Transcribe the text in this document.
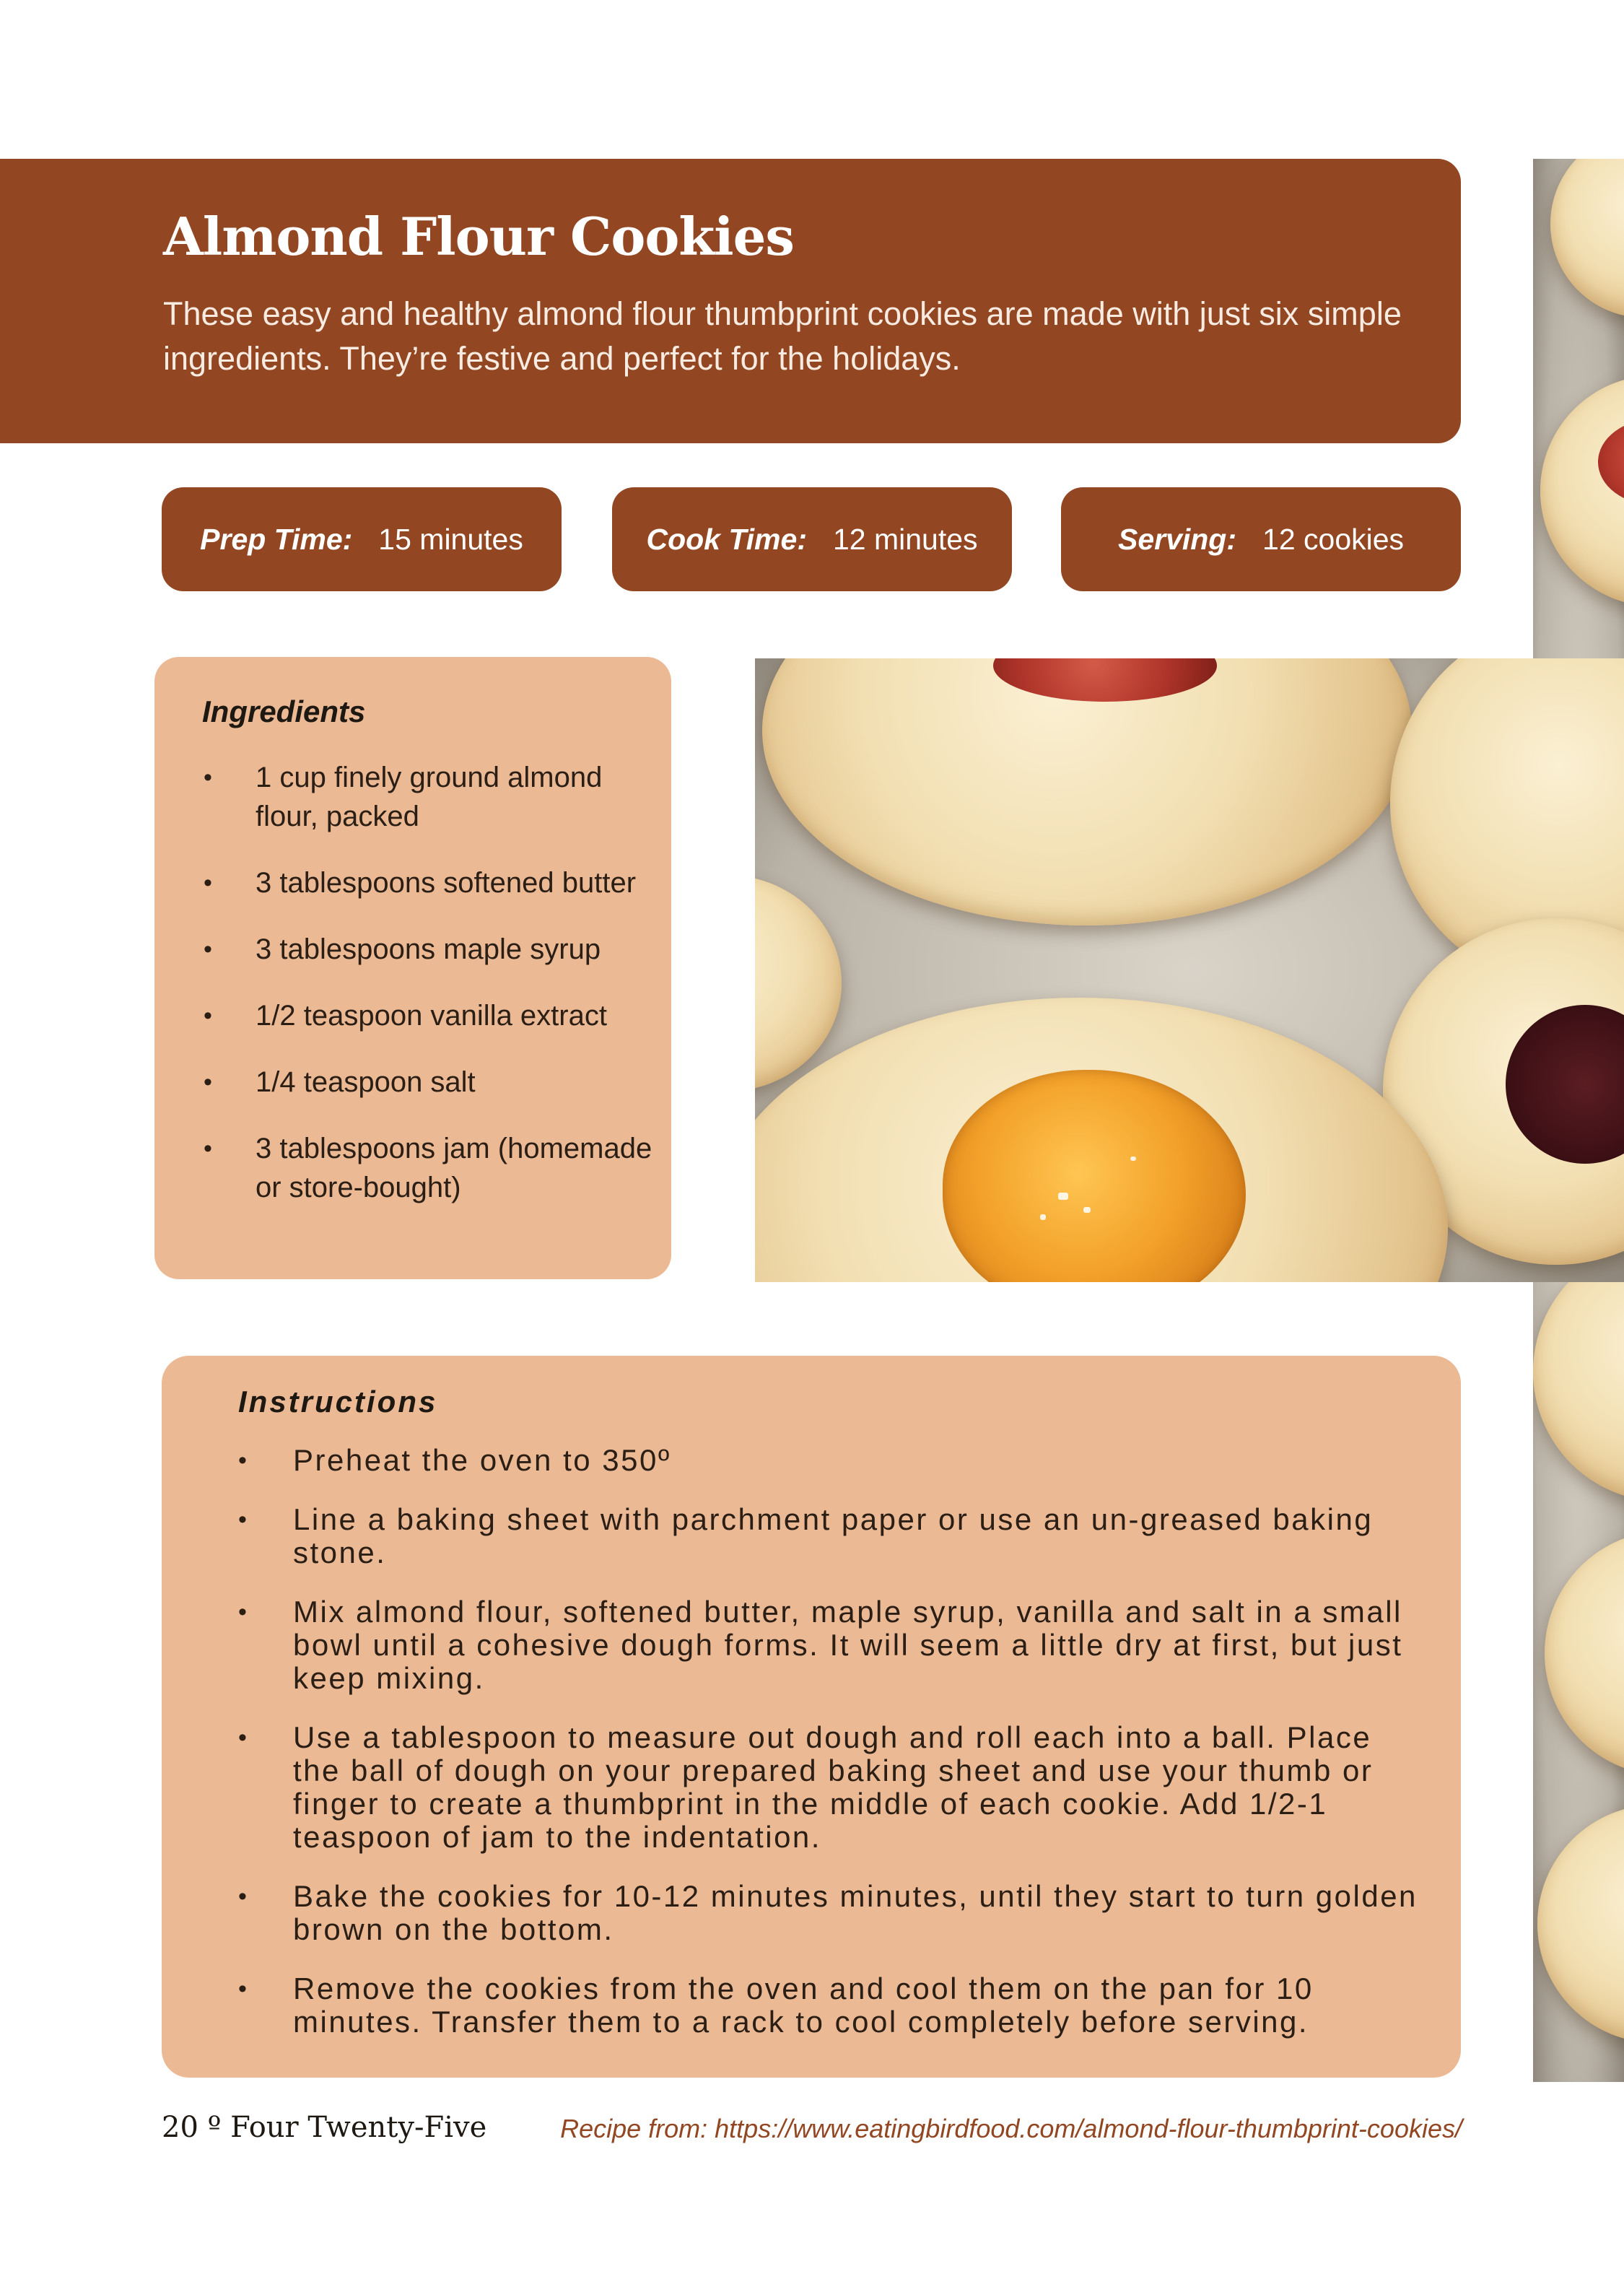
Almond Flour Cookies

These easy and healthy almond flour thumbprint cookies are made with just six simple ingredients. They’re festive and perfect for the holidays.

Prep Time: 15 minutes	Cook Time: 12 minutes	Serving: 12 cookies
Ingredients
• 1 cup finely ground almond flour, packed
• 3 tablespoons softened butter
• 3 tablespoons maple syrup
• 1/2 teaspoon vanilla extract
• 1/4 teaspoon salt
• 3 tablespoons jam (homemade or store-bought)
Instructions
• Preheat the oven to 350º
• Line a baking sheet with parchment paper or use an un-greased baking stone.
• Mix almond flour, softened butter, maple syrup, vanilla and salt in a small bowl until a cohesive dough forms. It will seem a little dry at first, but just keep mixing.
• Use a tablespoon to measure out dough and roll each into a ball. Place the ball of dough on your prepared baking sheet and use your thumb or finger to create a thumbprint in the middle of each cookie. Add 1/2-1 teaspoon of jam to the indentation.
• Bake the cookies for 10-12 minutes minutes, until they start to turn golden brown on the bottom.
• Remove the cookies from the oven and cool them on the pan for 10 minutes. Transfer them to a rack to cool completely before serving.
20 º Four Twenty-Five	Recipe from: https://www.eatingbirdfood.com/almond-flour-thumbprint-cookies/
